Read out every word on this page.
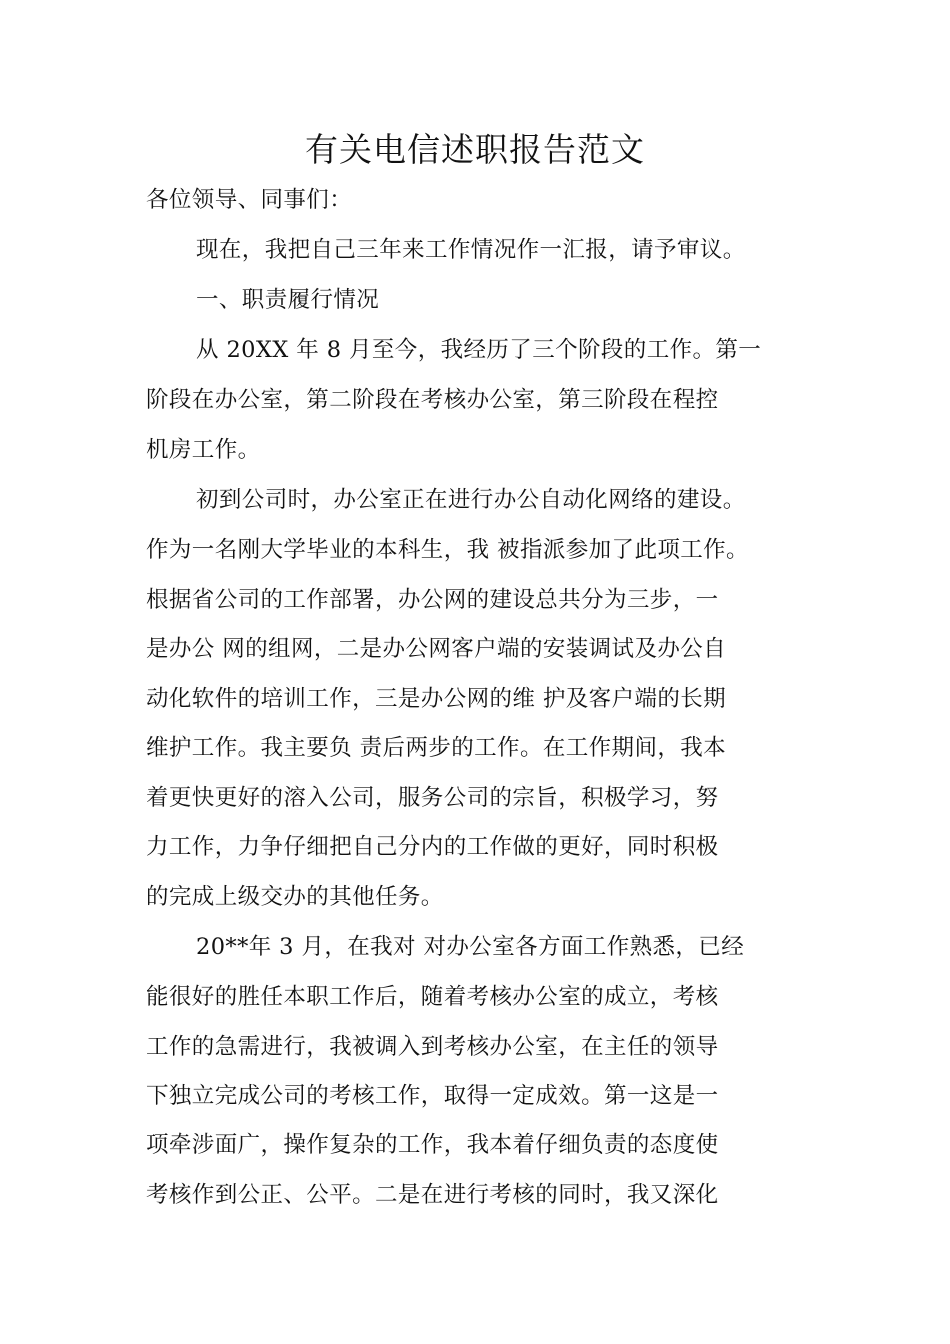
有关电信述职报告范文
各位领导、同事们：
现在，我把自己三年来工作情况作一汇报，请予审议。
一、职责履行情况
从 20XX 年 8 月至今，我经历了三个阶段的工作。第一
阶段在办公室，第二阶段在考核办公室，第三阶段在程控
机房工作。
初到公司时，办公室正在进行办公自动化网络的建设。
作为一名刚大学毕业的本科生，我 被指派参加了此项工作。
根据省公司的工作部署，办公网的建设总共分为三步，一
是办公 网的组网，二是办公网客户端的安装调试及办公自
动化软件的培训工作，三是办公网的维 护及客户端的长期
维护工作。我主要负 责后两步的工作。在工作期间，我本
着更快更好的溶入公司，服务公司的宗旨，积极学习，努
力工作，力争仔细把自己分内的工作做的更好，同时积极
的完成上级交办的其他任务。
20**年 3 月，在我对 对办公室各方面工作熟悉，已经
能很好的胜任本职工作后，随着考核办公室的成立，考核
工作的急需进行，我被调入到考核办公室，在主任的领导
下独立完成公司的考核工作，取得一定成效。第一这是一
项牵涉面广，操作复杂的工作，我本着仔细负责的态度使
考核作到公正、公平。二是在进行考核的同时，我又深化
